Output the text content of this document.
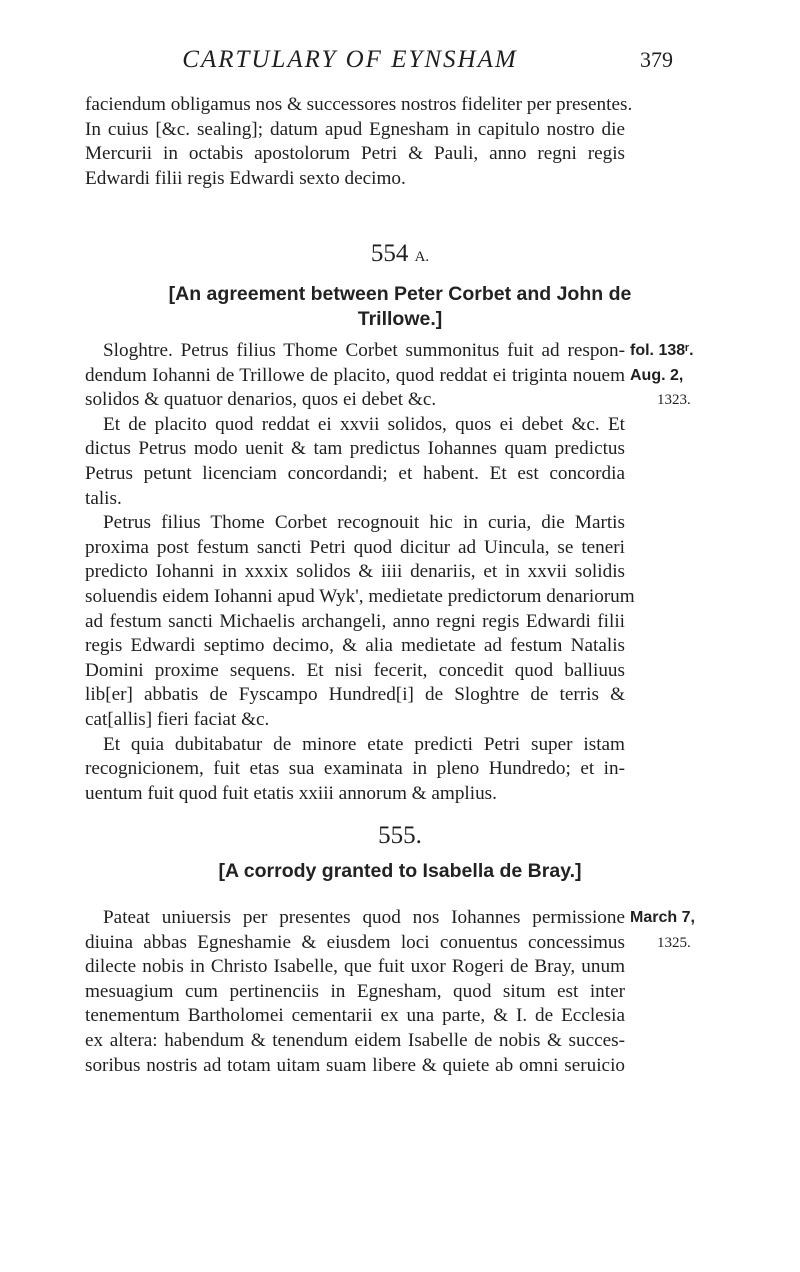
CARTULARY OF EYNSHAM	379
faciendum obligamus nos & successores nostros fideliter per presentes.
In cuius [&c. sealing]; datum apud Egnesham in capitulo nostro die
Mercurii in octabis apostolorum Petri & Pauli, anno regni regis
Edwardi filii regis Edwardi sexto decimo.
554 A.
[An agreement between Peter Corbet and John de
Trillowe.]
fol. 138ʳ.
Aug. 2,
1323.
Sloghtre. Petrus filius Thome Corbet summonitus fuit ad respon-
dendum Iohanni de Trillowe de placito, quod reddat ei triginta nouem
solidos & quatuor denarios, quos ei debet &c.
Et de placito quod reddat ei xxvii solidos, quos ei debet &c. Et
dictus Petrus modo uenit & tam predictus Iohannes quam predictus
Petrus petunt licenciam concordandi; et habent. Et est concordia
talis.
Petrus filius Thome Corbet recognouit hic in curia, die Martis
proxima post festum sancti Petri quod dicitur ad Uincula, se teneri
predicto Iohanni in xxxix solidos & iiii denariis, et in xxvii solidis
soluendis eidem Iohanni apud Wyk', medietate predictorum denariorum
ad festum sancti Michaelis archangeli, anno regni regis Edwardi filii
regis Edwardi septimo decimo, & alia medietate ad festum Natalis
Domini proxime sequens. Et nisi fecerit, concedit quod balliuus
lib[er] abbatis de Fyscampo Hundred[i] de Sloghtre de terris &
cat[allis] fieri faciat &c.
Et quia dubitabatur de minore etate predicti Petri super istam
recognicionem, fuit etas sua examinata in pleno Hundredo; et in-
uentum fuit quod fuit etatis xxiii annorum & amplius.
555.
[A corrody granted to Isabella de Bray.]
March 7,
1325.
Pateat uniuersis per presentes quod nos Iohannes permissione
diuina abbas Egneshamie & eiusdem loci conuentus concessimus
dilecte nobis in Christo Isabelle, que fuit uxor Rogeri de Bray, unum
mesuagium cum pertinenciis in Egnesham, quod situm est inter
tenementum Bartholomei cementarii ex una parte, & I. de Ecclesia
ex altera: habendum & tenendum eidem Isabelle de nobis & succes-
soribus nostris ad totam uitam suam libere & quiete ab omni seruicio
